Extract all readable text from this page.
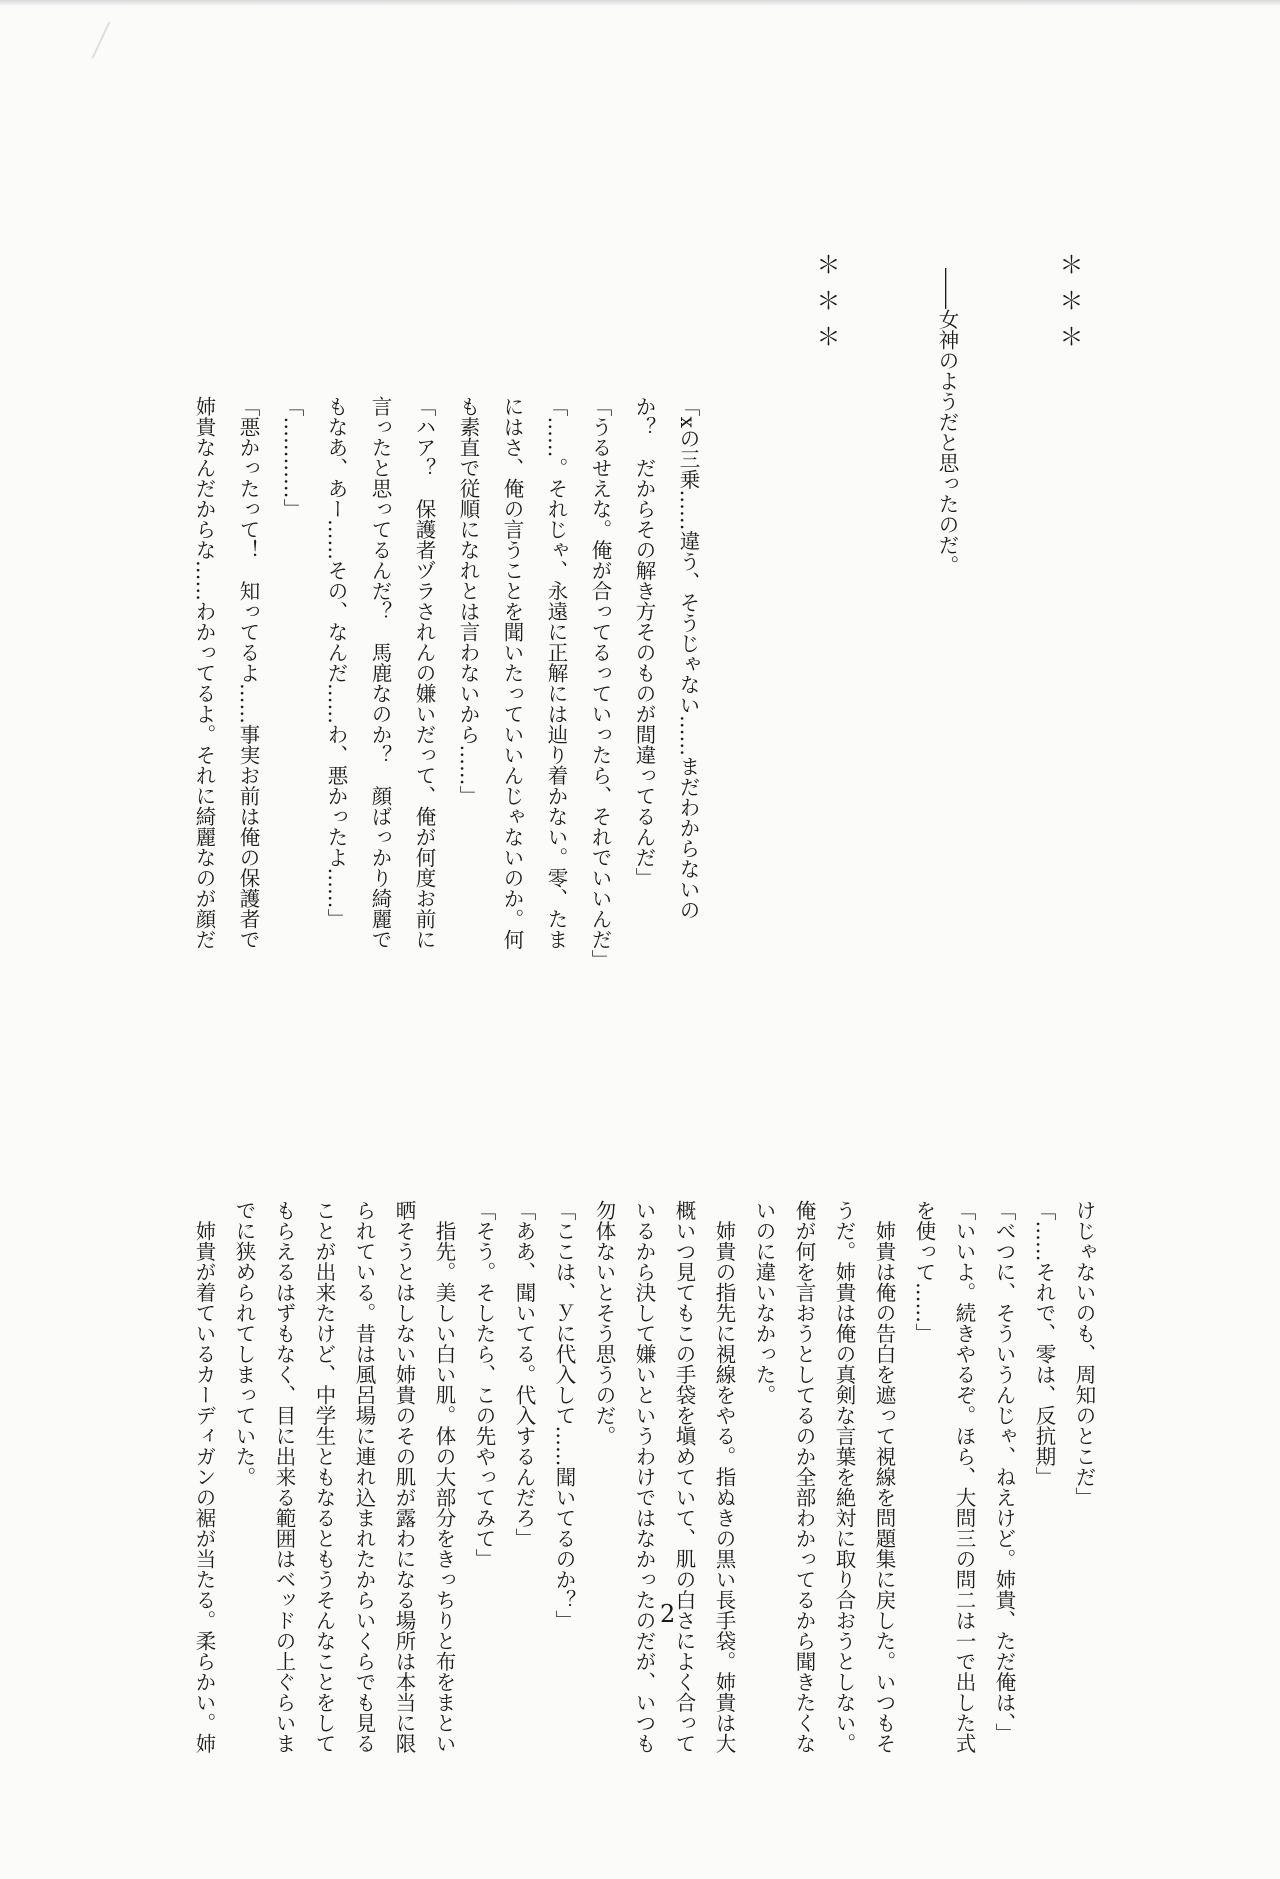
＊＊＊
――女神のようだと思ったのだ。
＊＊＊
「xの三乗……違う、そうじゃない……まだわからないの
か？　だからその解き方そのものが間違ってるんだ」
「うるせえな。俺が合ってるっていったら、それでいいんだ」
「……。それじゃ、永遠に正解には辿り着かない。零、たま
にはさ、俺の言うことを聞いたっていいんじゃないのか。何
も素直で従順になれとは言わないから……」
「ハア？　保護者ヅラされんの嫌いだって、俺が何度お前に
言ったと思ってるんだ？　馬鹿なのか？　顔ばっかり綺麗で
もなあ、あー……その、なんだ……わ、悪かったよ……」
「…………」
「悪かったって！　知ってるよ……事実お前は俺の保護者で
姉貴なんだからな……わかってるよ。それに綺麗なのが顔だ
けじゃないのも、周知のとこだ」
「……それで、零は、反抗期」
「べつに、そういうんじゃ、ねえけど。姉貴、ただ俺は、」
「いいよ。続きやるぞ。ほら、大問三の問二は一で出した式
を使って……」
　姉貴は俺の告白を遮って視線を問題集に戻した。いつもそ
うだ。姉貴は俺の真剣な言葉を絶対に取り合おうとしない。
俺が何を言おうとしてるのか全部わかってるから聞きたくな
いのに違いなかった。
　姉貴の指先に視線をやる。指ぬきの黒い長手袋。姉貴は大
概いつ見てもこの手袋を塡めていて、肌の白さによく合って
いるから決して嫌いというわけではなかったのだが、いつも
勿体ないとそう思うのだ。
「ここは、ｙに代入して……聞いてるのか？」
「ああ、聞いてる。代入するんだろ」
「そう。そしたら、この先やってみて」
　指先。美しい白い肌。体の大部分をきっちりと布をまとい
晒そうとはしない姉貴のその肌が露わになる場所は本当に限
られている。昔は風呂場に連れ込まれたからいくらでも見る
ことが出来たけど、中学生ともなるともうそんなことをして
もらえるはずもなく、目に出来る範囲はベッドの上ぐらいま
でに狭められてしまっていた。
　姉貴が着ているカーディガンの裾が当たる。柔らかい。姉	2
